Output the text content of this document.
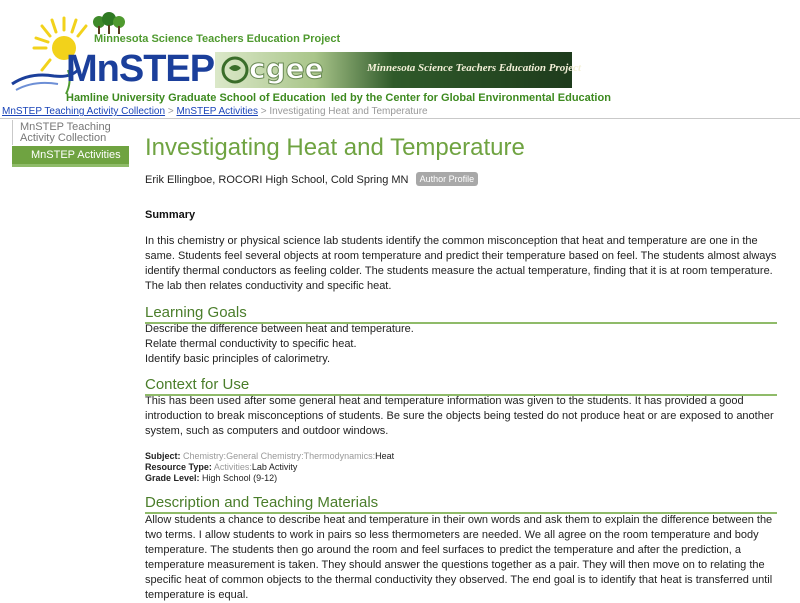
Minnesota Science Teachers Education Project
MnSTEP
Hamline University Graduate School of Education
cgee	Minnesota Science Teachers Education Project
led by the Center for Global Environmental Education
MnSTEP Teaching Activity Collection > MnSTEP Activities > Investigating Heat and Temperature
MnSTEP Teaching Activity Collection
MnSTEP Activities	Investigating Heat and Temperature
Erik Ellingboe, ROCORI High School, Cold Spring MN Author Profile
Summary

In this chemistry or physical science lab students identify the common misconception that heat and temperature are one in the same. Students feel several objects at room temperature and predict their temperature based on feel. The students almost always identify thermal conductors as feeling colder. The students measure the actual temperature, finding that it is at room temperature. The lab then relates conductivity and specific heat.

Learning Goals
Describe the difference between heat and temperature.
Relate thermal conductivity to specific heat.
Identify basic principles of calorimetry.
Context for Use

This has been used after some general heat and temperature information was given to the students. It has provided a good introduction to break misconceptions of students. Be sure the objects being tested do not produce heat or are exposed to another system, such as computers and outdoor windows.

Subject: Chemistry:General Chemistry:Thermodynamics:Heat
Resource Type: Activities:Lab Activity
Grade Level: High School (9-12)
Description and Teaching Materials

Allow students a chance to describe heat and temperature in their own words and ask them to explain the difference between the two terms. I allow students to work in pairs so less thermometers are needed. We all agree on the room temperature and body temperature. The students then go around the room and feel surfaces to predict the temperature and after the prediction, a temperature measurement is taken. They should answer the questions together as a pair. They will then move on to relating the specific heat of common objects to the thermal conductivity they observed. The end goal is to identify that heat is transferred until temperature is equal.
